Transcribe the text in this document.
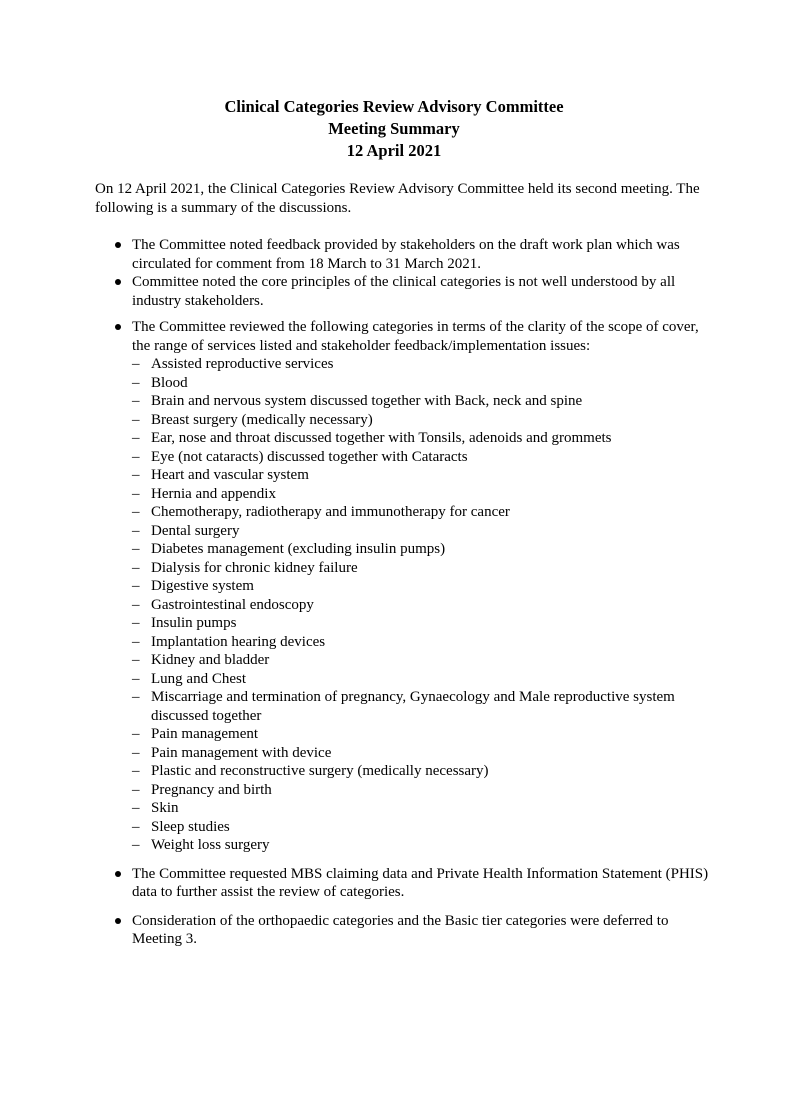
Clinical Categories Review Advisory Committee
Meeting Summary
12 April 2021

On 12 April 2021, the Clinical Categories Review Advisory Committee held its second meeting. The following is a summary of the discussions.

The Committee noted feedback provided by stakeholders on the draft work plan which was circulated for comment from 18 March to 31 March 2021.
Committee noted the core principles of the clinical categories is not well understood by all industry stakeholders.
The Committee reviewed the following categories in terms of the clarity of the scope of cover, the range of services listed and stakeholder feedback/implementation issues:
– Assisted reproductive services
– Blood
– Brain and nervous system discussed together with Back, neck and spine
– Breast surgery (medically necessary)
– Ear, nose and throat discussed together with Tonsils, adenoids and grommets
– Eye (not cataracts) discussed together with Cataracts
– Heart and vascular system
– Hernia and appendix
– Chemotherapy, radiotherapy and immunotherapy for cancer
– Dental surgery
– Diabetes management (excluding insulin pumps)
– Dialysis for chronic kidney failure
– Digestive system
– Gastrointestinal endoscopy
– Insulin pumps
– Implantation hearing devices
– Kidney and bladder
– Lung and Chest
– Miscarriage and termination of pregnancy, Gynaecology and Male reproductive system discussed together
– Pain management
– Pain management with device
– Plastic and reconstructive surgery (medically necessary)
– Pregnancy and birth
– Skin
– Sleep studies
– Weight loss surgery
The Committee requested MBS claiming data and Private Health Information Statement (PHIS) data to further assist the review of categories.
Consideration of the orthopaedic categories and the Basic tier categories were deferred to Meeting 3.
